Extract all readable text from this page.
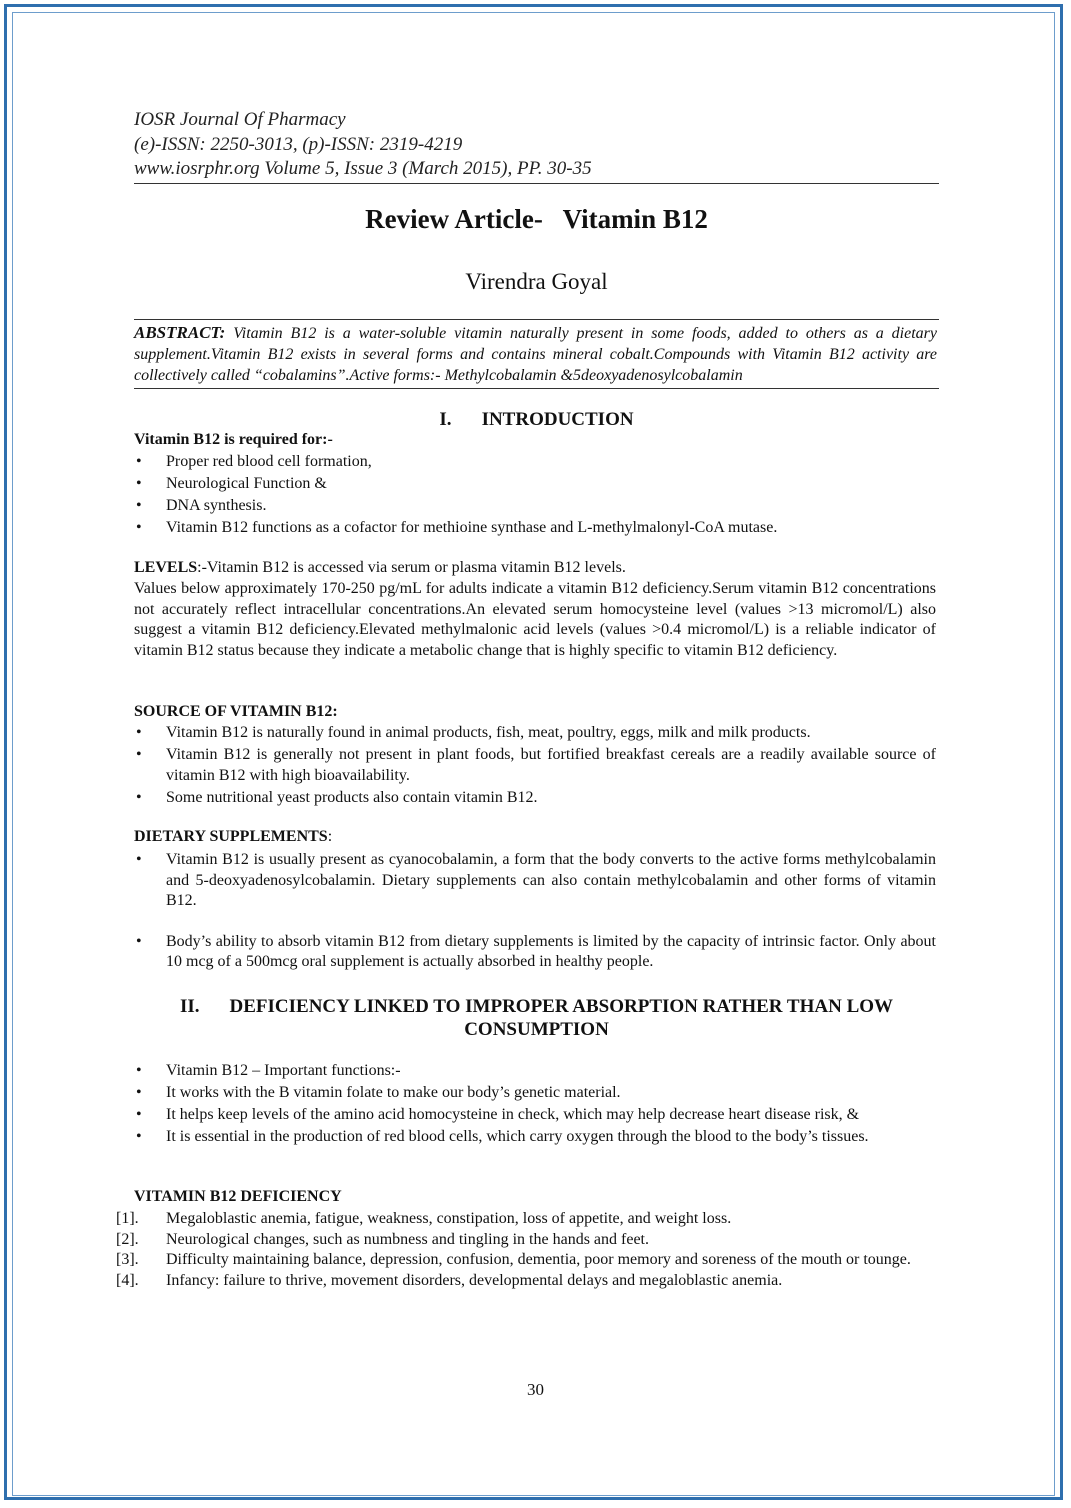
IOSR Journal Of Pharmacy
(e)-ISSN: 2250-3013, (p)-ISSN: 2319-4219
www.iosrphr.org Volume 5, Issue 3 (March 2015), PP. 30-35
Review Article-   Vitamin B12
Virendra Goyal
ABSTRACT: Vitamin B12 is a water-soluble vitamin naturally present in some foods, added to others as a dietary supplement.Vitamin B12 exists in several forms and contains mineral cobalt.Compounds with Vitamin B12 activity are collectively called “cobalamins”.Active forms:- Methylcobalamin &5deoxyadenosylcobalamin
I. INTRODUCTION
Vitamin B12 is required for:-
• Proper red blood cell formation,
• Neurological Function &
• DNA synthesis.
• Vitamin B12 functions as a cofactor for methioine synthase and L-methylmalonyl-CoA mutase.
LEVELS:-Vitamin B12 is accessed via serum or plasma vitamin B12 levels.
Values below approximately 170-250 pg/mL for adults indicate a vitamin B12 deficiency.Serum vitamin B12 concentrations not accurately reflect intracellular concentrations.An elevated serum homocysteine level (values >13 micromol/L) also suggest a vitamin B12 deficiency.Elevated methylmalonic acid levels (values >0.4 micromol/L) is a reliable indicator of vitamin B12 status because they indicate a metabolic change that is highly specific to vitamin B12 deficiency.
SOURCE OF VITAMIN B12:
• Vitamin B12 is naturally found in animal products, fish, meat, poultry, eggs, milk and milk products.
• Vitamin B12 is generally not present in plant foods, but fortified breakfast cereals are a readily available source of vitamin B12 with high bioavailability.
• Some nutritional yeast products also contain vitamin B12.
DIETARY SUPPLEMENTS:
• Vitamin B12 is usually present as cyanocobalamin, a form that the body converts to the active forms methylcobalamin and 5-deoxyadenosylcobalamin. Dietary supplements can also contain methylcobalamin and other forms of vitamin B12.
• Body’s ability to absorb vitamin B12 from dietary supplements is limited by the capacity of intrinsic factor. Only about 10 mcg of a 500mcg oral supplement is actually absorbed in healthy people.
II. DEFICIENCY LINKED TO IMPROPER ABSORPTION RATHER THAN LOW
CONSUMPTION
• Vitamin B12 – Important functions:-
• It works with the B vitamin folate to make our body’s genetic material.
• It helps keep levels of the amino acid homocysteine in check, which may help decrease heart disease risk, &
• It is essential in the production of red blood cells, which carry oxygen through the blood to the body’s tissues.
VITAMIN B12 DEFICIENCY
[1]. Megaloblastic anemia, fatigue, weakness, constipation, loss of appetite, and weight loss.
[2]. Neurological changes, such as numbness and tingling in the hands and feet.
[3]. Difficulty maintaining balance, depression, confusion, dementia, poor memory and soreness of the mouth or tounge.
[4]. Infancy: failure to thrive, movement disorders, developmental delays and megaloblastic anemia.
30
